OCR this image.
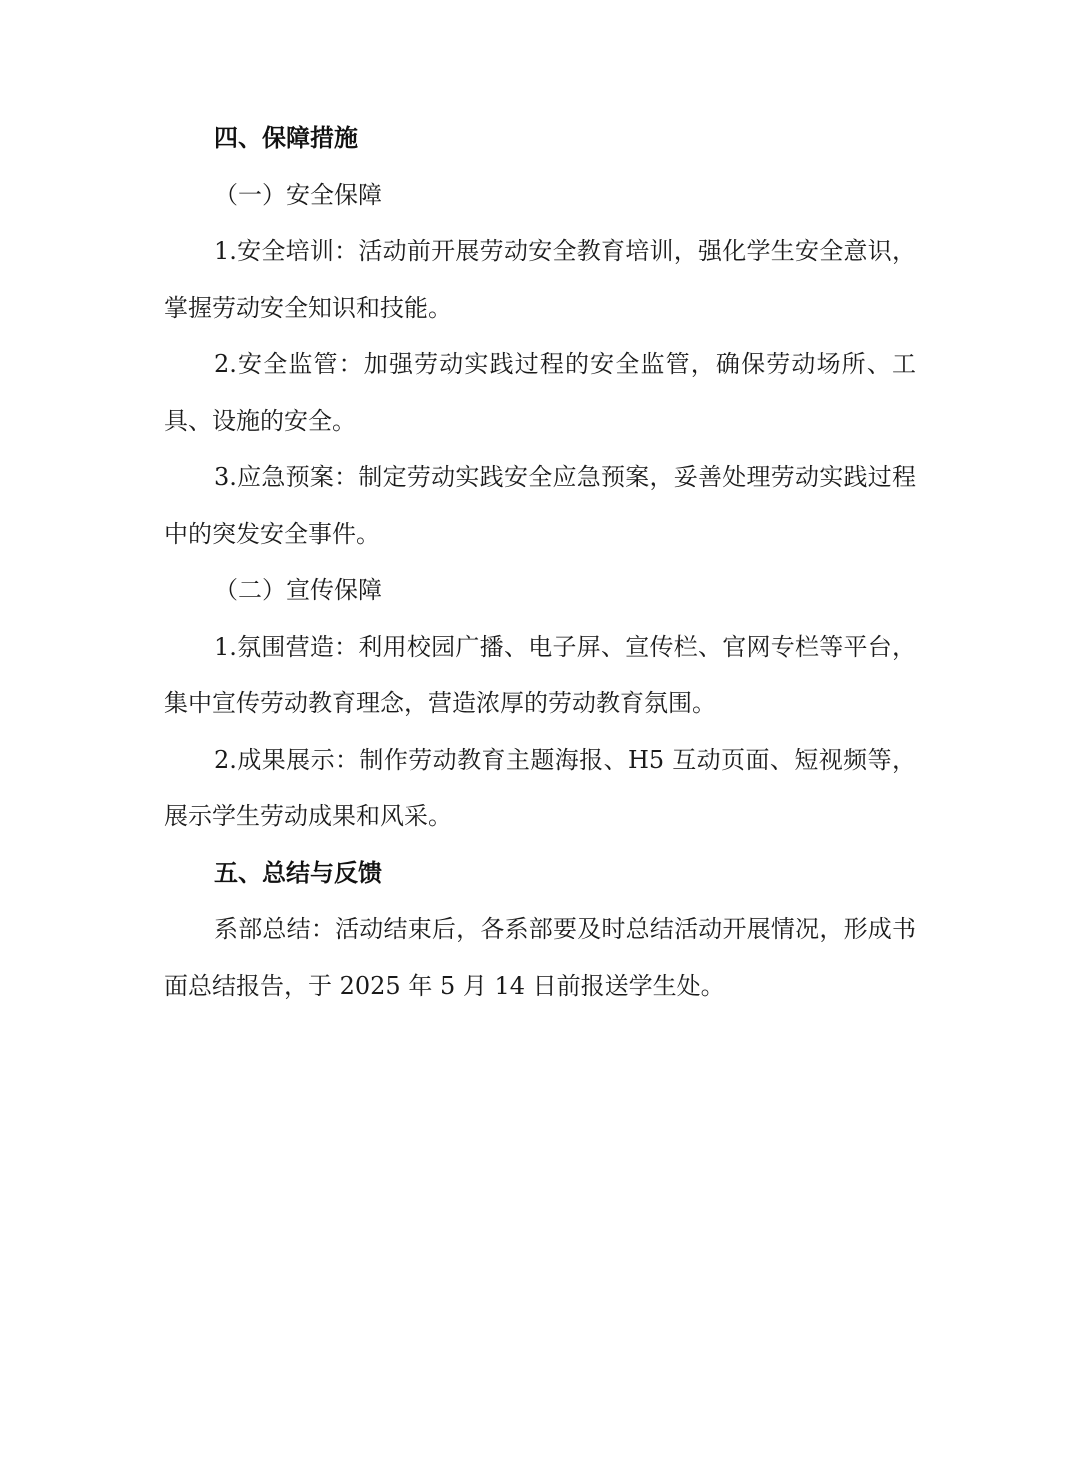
四、保障措施

（一）安全保障

1.安全培训：活动前开展劳动安全教育培训，强化学生安全意识，掌握劳动安全知识和技能。

2.安全监管：加强劳动实践过程的安全监管，确保劳动场所、工具、设施的安全。

3.应急预案：制定劳动实践安全应急预案，妥善处理劳动实践过程中的突发安全事件。

（二）宣传保障

1.氛围营造：利用校园广播、电子屏、宣传栏、官网专栏等平台，集中宣传劳动教育理念，营造浓厚的劳动教育氛围。

2.成果展示：制作劳动教育主题海报、H5 互动页面、短视频等，展示学生劳动成果和风采。

五、总结与反馈

系部总结：活动结束后，各系部要及时总结活动开展情况，形成书面总结报告，于 2025 年 5 月 14 日前报送学生处。
